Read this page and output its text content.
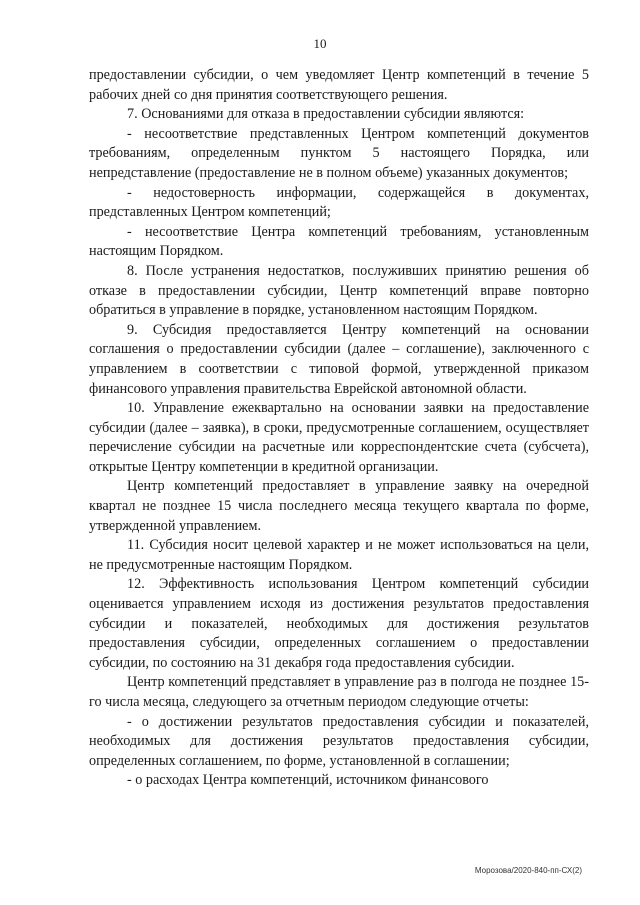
10

предоставлении субсидии, о чем уведомляет Центр компетенций в течение 5 рабочих дней со дня принятия соответствующего решения.

7. Основаниями для отказа в предоставлении субсидии являются:

- несоответствие представленных Центром компетенций документов требованиям, определенным пунктом 5 настоящего Порядка, или непредставление (предоставление не в полном объеме) указанных документов;

- недостоверность информации, содержащейся в документах, представленных Центром компетенций;

- несоответствие Центра компетенций требованиям, установленным настоящим Порядком.

8. После устранения недостатков, послуживших принятию решения об отказе в предоставлении субсидии, Центр компетенций вправе повторно обратиться в управление в порядке, установленном настоящим Порядком.

9. Субсидия предоставляется Центру компетенций на основании соглашения о предоставлении субсидии (далее – соглашение), заключенного с управлением в соответствии с типовой формой, утвержденной приказом финансового управления правительства Еврейской автономной области.

10. Управление ежеквартально на основании заявки на предоставление субсидии (далее – заявка), в сроки, предусмотренные соглашением, осуществляет перечисление субсидии на расчетные или корреспондентские счета (субсчета), открытые Центру компетенции в кредитной организации.

Центр компетенций предоставляет в управление заявку на очередной квартал не позднее 15 числа последнего месяца текущего квартала по форме, утвержденной управлением.

11. Субсидия носит целевой характер и не может использоваться на цели, не предусмотренные настоящим Порядком.

12. Эффективность использования Центром компетенций субсидии оценивается управлением исходя из достижения результатов предоставления субсидии и показателей, необходимых для достижения результатов предоставления субсидии, определенных соглашением о предоставлении субсидии, по состоянию на 31 декабря года предоставления субсидии.

Центр компетенций представляет в управление раз в полгода не позднее 15-го числа месяца, следующего за отчетным периодом следующие отчеты:

- о достижении результатов предоставления субсидии и показателей, необходимых для достижения результатов предоставления субсидии, определенных соглашением, по форме, установленной в соглашении;

- о расходах Центра компетенций, источником финансового

Морозова/2020-840-пп-СХ(2)
